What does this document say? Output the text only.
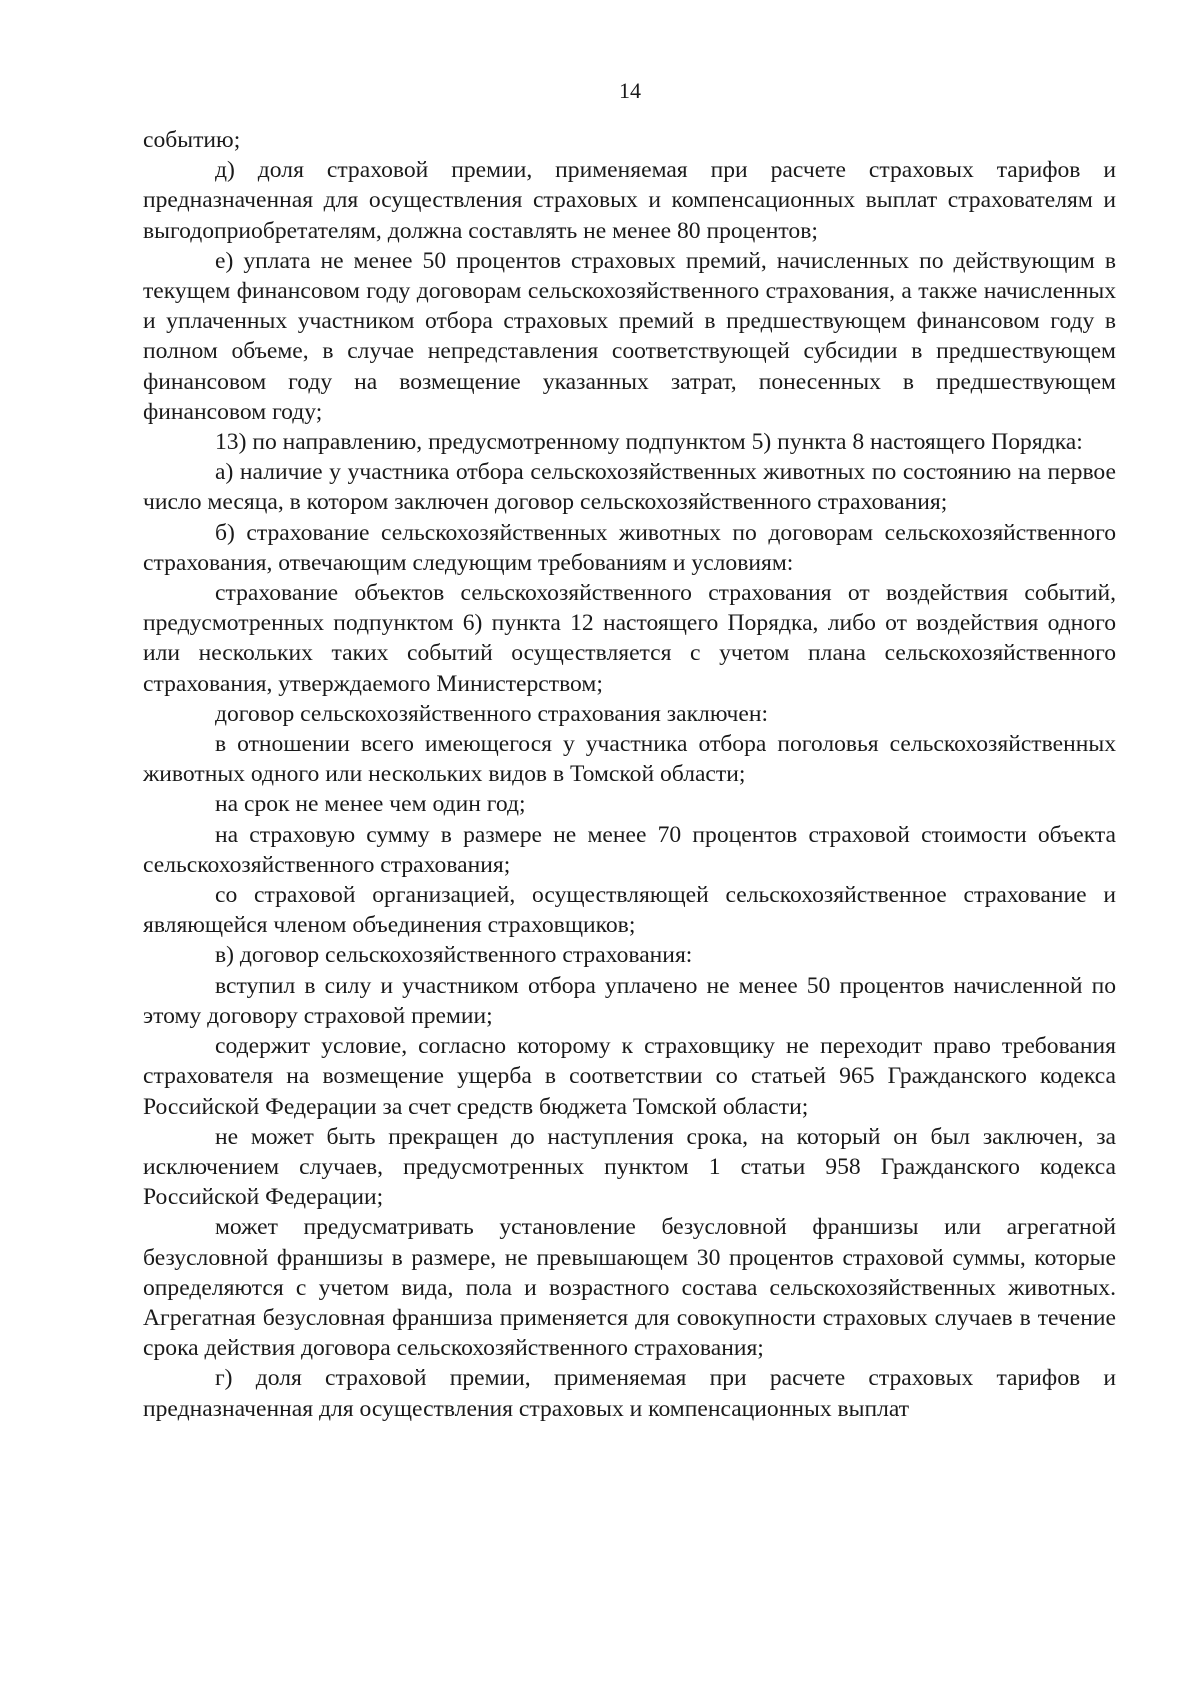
14

событию;

д) доля страховой премии, применяемая при расчете страховых тарифов и предназначенная для осуществления страховых и компенсационных выплат страхователям и выгодоприобретателям, должна составлять не менее 80 процентов;

е) уплата не менее 50 процентов страховых премий, начисленных по действующим в текущем финансовом году договорам сельскохозяйственного страхования, а также начисленных и уплаченных участником отбора страховых премий в предшествующем финансовом году в полном объеме, в случае непредставления соответствующей субсидии в предшествующем финансовом году на возмещение указанных затрат, понесенных в предшествующем финансовом году;

13) по направлению, предусмотренному подпунктом 5) пункта 8 настоящего Порядка:

а) наличие у участника отбора сельскохозяйственных животных по состоянию на первое число месяца, в котором заключен договор сельскохозяйственного страхования;

б) страхование сельскохозяйственных животных по договорам сельскохозяйственного страхования, отвечающим следующим требованиям и условиям:

страхование объектов сельскохозяйственного страхования от воздействия событий, предусмотренных подпунктом 6) пункта 12 настоящего Порядка, либо от воздействия одного или нескольких таких событий осуществляется с учетом плана сельскохозяйственного страхования, утверждаемого Министерством;

договор сельскохозяйственного страхования заключен:

в отношении всего имеющегося у участника отбора поголовья сельскохозяйственных животных одного или нескольких видов в Томской области;

на срок не менее чем один год;

на страховую сумму в размере не менее 70 процентов страховой стоимости объекта сельскохозяйственного страхования;

со страховой организацией, осуществляющей сельскохозяйственное страхование и являющейся членом объединения страховщиков;

в) договор сельскохозяйственного страхования:

вступил в силу и участником отбора уплачено не менее 50 процентов начисленной по этому договору страховой премии;

содержит условие, согласно которому к страховщику не переходит право требования страхователя на возмещение ущерба в соответствии со статьей 965 Гражданского кодекса Российской Федерации за счет средств бюджета Томской области;

не может быть прекращен до наступления срока, на который он был заключен, за исключением случаев, предусмотренных пунктом 1 статьи 958 Гражданского кодекса Российской Федерации;

может предусматривать установление безусловной франшизы или агрегатной безусловной франшизы в размере, не превышающем 30 процентов страховой суммы, которые определяются с учетом вида, пола и возрастного состава сельскохозяйственных животных. Агрегатная безусловная франшиза применяется для совокупности страховых случаев в течение срока действия договора сельскохозяйственного страхования;

г) доля страховой премии, применяемая при расчете страховых тарифов и предназначенная для осуществления страховых и компенсационных выплат
